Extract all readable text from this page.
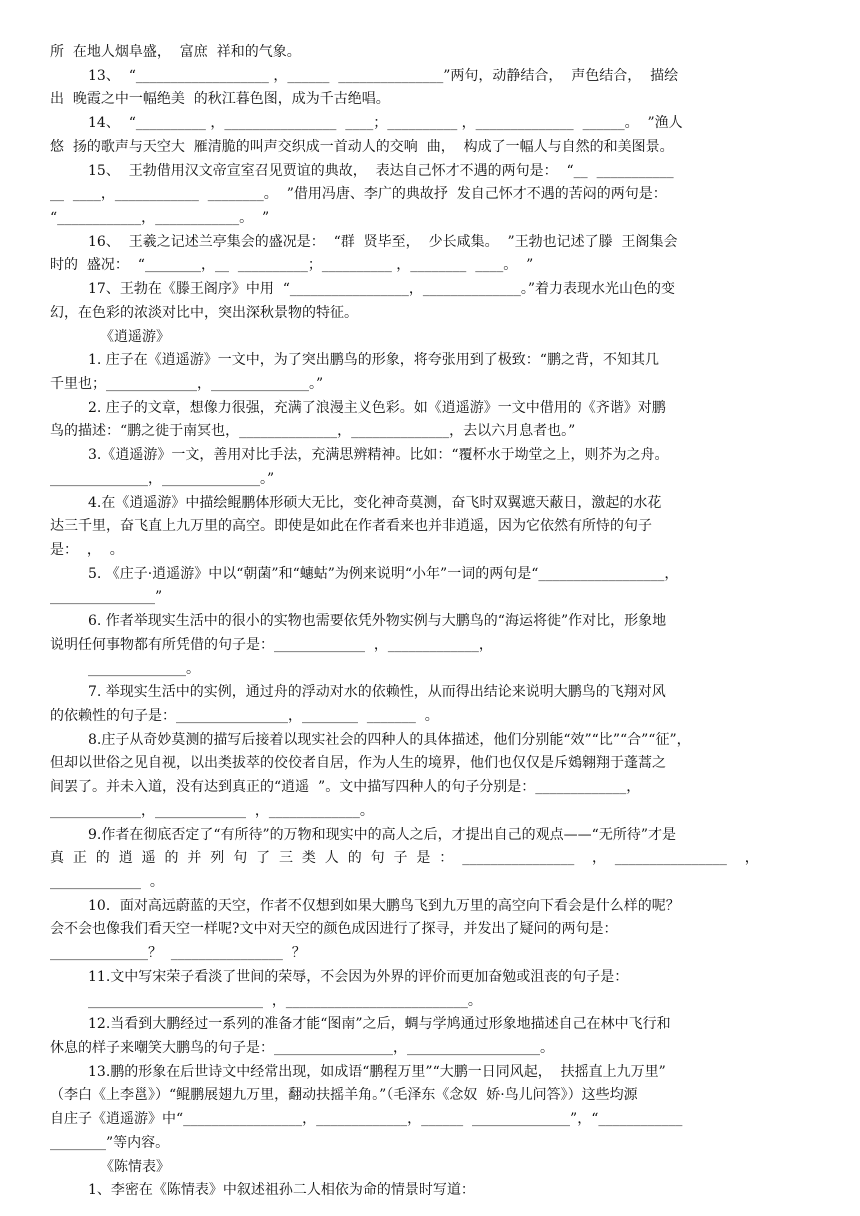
所  在地人烟阜盛，  富庶  祥和的气象。
13、  “___________________ ，______  _______________”两句，动静结合，  声色结合，  描绘
出  晚霞之中一幅绝美  的秋江暮色图，成为千古绝唱。
14、  “__________ ，________________  ____；__________ ，______________  ______。  ”渔人
悠  扬的歌声与天空大  雁清脆的叫声交织成一首动人的交响  曲，  构成了一幅人与自然的和美图景。
15、  王勃借用汉文帝宣室召见贾谊的典故，  表达自己怀才不遇的两句是：  “__  ___________
__  ____，____________  ________。  ”借用冯唐、李广的典故抒  发自己怀才不遇的苦闷的两句是：
“____________，____________。  ”
16、  王羲之记述兰亭集会的盛况是：  “群  贤毕至，  少长咸集。  ”王勃也记述了滕  王阁集会
时的  盛况：  “________，__  __________；__________ ，________  ____。  ”
17、王勃在《滕王阁序》中用  “_________________，______________。”着力表现水光山色的变
幻，在色彩的浓淡对比中，突出深秋景物的特征。
《逍遥游》
1. 庄子在《逍遥游》一文中，为了突出鹏鸟的形象，将夸张用到了极致：“鹏之背，不知其几
千里也；_____________，______________。”
2. 庄子的文章，想像力很强，充满了浪漫主义色彩。如《逍遥游》一文中借用的《齐谐》对鹏
鸟的描述：“鹏之徙于南冥也，______________，______________，去以六月息者也。”
3.《逍遥游》一文，善用对比手法，充满思辨精神。比如：“覆杯水于坳堂之上，则芥为之舟。
______________，______________。”
4.在《逍遥游》中描绘鲲鹏体形硕大无比，变化神奇莫测，奋飞时双翼遮天蔽日，激起的水花
达三千里，奋飞直上九万里的高空。即使是如此在作者看来也并非逍遥，因为它依然有所恃的句子
是：  ，  。
5. 《庄子·逍遥游》中以“朝菌”和“蟪蛄”为例来说明“小年”一词的两句是“__________________，
_______________”
6. 作者举现实生活中的很小的实物也需要依凭外物实例与大鹏鸟的“海运将徙”作对比，形象地
说明任何事物都有所凭借的句子是：_____________  ，_____________，
______________。
7. 举现实生活中的实例，通过舟的浮动对水的依赖性，从而得出结论来说明大鹏鸟的飞翔对风
的依赖性的句子是：________________，________  _______  。
8.庄子从奇妙莫测的描写后接着以现实社会的四种人的具体描述，他们分别能“效”“比”“合”“征”，
但却以世俗之见自视，以出类拔萃的佼佼者自居，作为人生的境界，他们也仅仅是斥鴳翱翔于蓬蒿之
间罢了。并未入道，没有达到真正的“逍遥  ”。文中描写四种人的句子分别是：_____________，
_____________，_____________  ，_____________。
9.作者在彻底否定了“有所待”的万物和现实中的高人之后，才提出自己的观点——“无所待”才是
真  正  的  逍  遥  的  并  列  句  了  三  类  人  的  句  子  是  ：  ________________    ，  ________________    ，
_____________  。
10．面对高远蔚蓝的天空，作者不仅想到如果大鹏鸟飞到九万里的高空向下看会是什么样的呢？
会不会也像我们看天空一样呢?文中对天空的颜色成因进行了探寻，并发出了疑问的两句是：
______________？  ________________  ？
11.文中写宋荣子看淡了世间的荣辱，不会因为外界的评价而更加奋勉或沮丧的句子是：
_________________________  ，__________________________。
12.当看到大鹏经过一系列的准备才能“图南”之后，蜩与学鸠通过形象地描述自己在林中飞行和
休息的样子来嘲笑大鹏鸟的句子是：_________________，___________________。
13.鹏的形象在后世诗文中经常出现，如成语“鹏程万里”“大鹏一日同风起，  扶摇直上九万里”
（李白《上李邕》）“鲲鹏展翅九万里，翻动扶摇羊角。”（毛泽东《念奴  娇·鸟儿问答》）这些均源
自庄子《逍遥游》中“_________________，_____________，______  ______________”，“____________
________”等内容。
《陈情表》
1、李密在《陈情表》中叙述祖孙二人相依为命的情景时写道：
